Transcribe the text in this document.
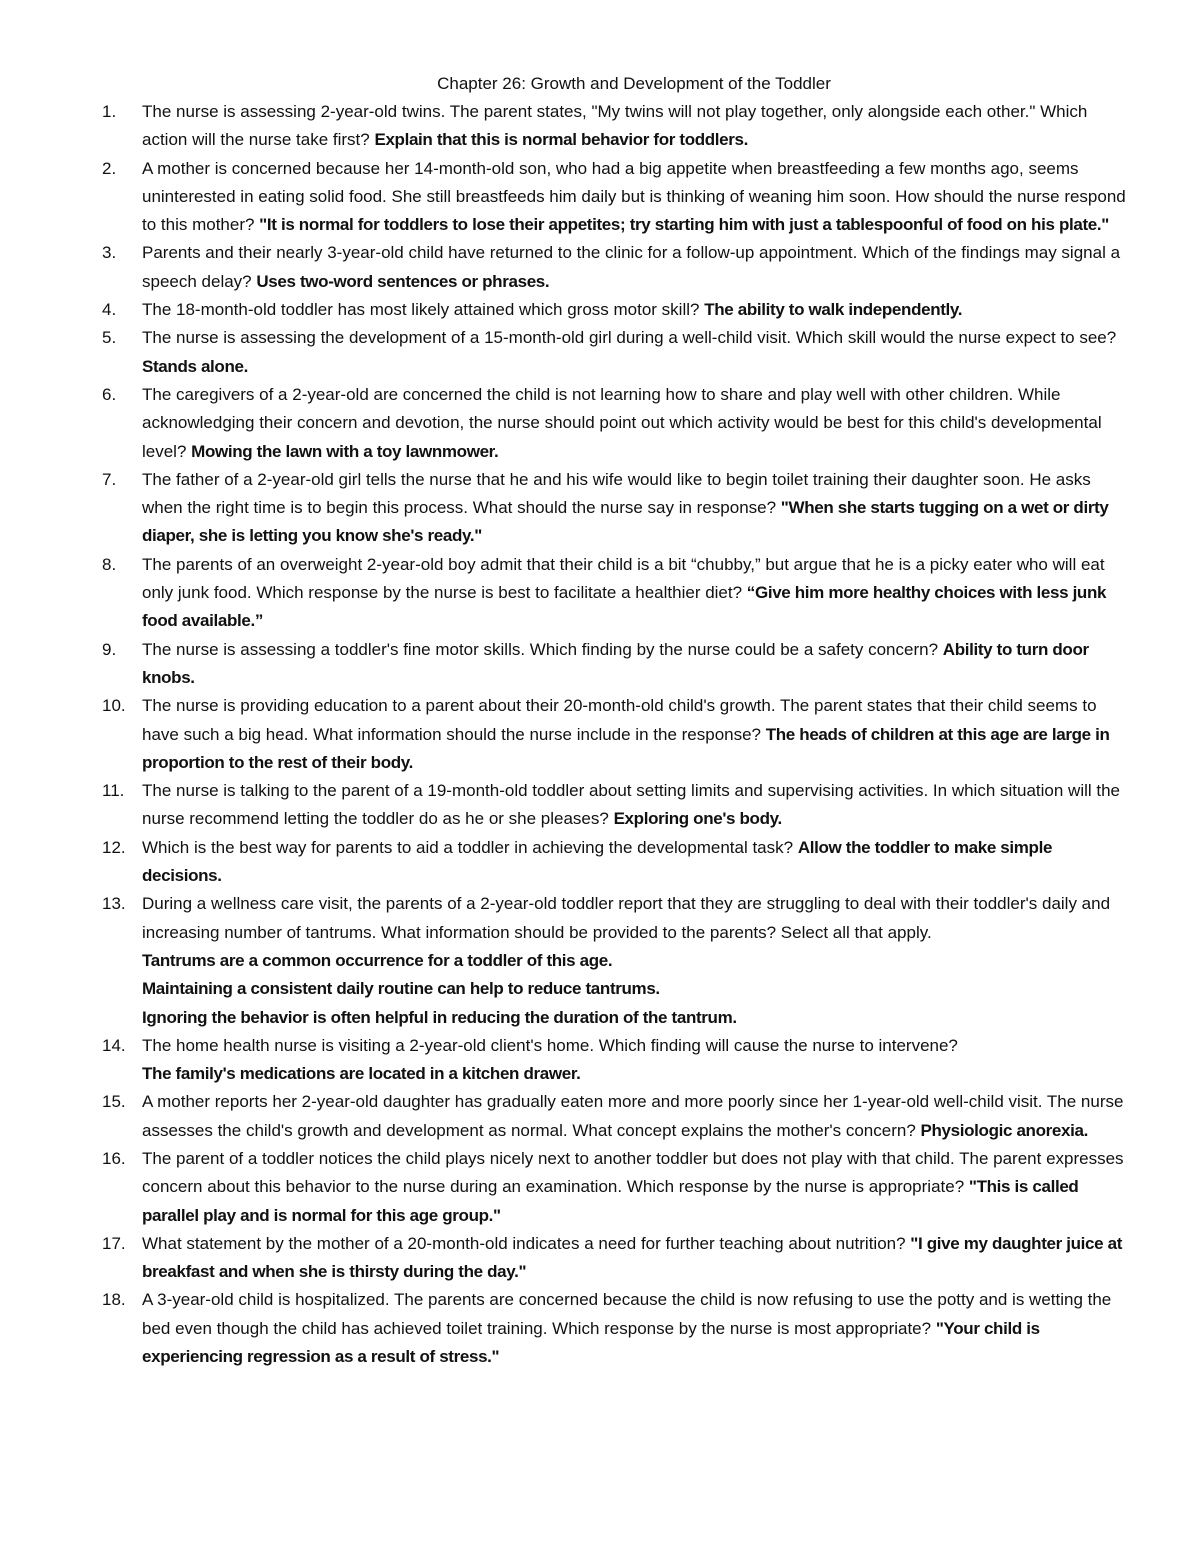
Chapter 26: Growth and Development of the Toddler
1.	The nurse is assessing 2-year-old twins. The parent states, "My twins will not play together, only alongside each other." Which action will the nurse take first? Explain that this is normal behavior for toddlers.
2.	A mother is concerned because her 14-month-old son, who had a big appetite when breastfeeding a few months ago, seems uninterested in eating solid food. She still breastfeeds him daily but is thinking of weaning him soon. How should the nurse respond to this mother? "It is normal for toddlers to lose their appetites; try starting him with just a tablespoonful of food on his plate."
3.	Parents and their nearly 3-year-old child have returned to the clinic for a follow-up appointment. Which of the findings may signal a speech delay? Uses two-word sentences or phrases.
4.	The 18-month-old toddler has most likely attained which gross motor skill? The ability to walk independently.
5.	The nurse is assessing the development of a 15-month-old girl during a well-child visit. Which skill would the nurse expect to see? Stands alone.
6.	The caregivers of a 2-year-old are concerned the child is not learning how to share and play well with other children. While acknowledging their concern and devotion, the nurse should point out which activity would be best for this child's developmental level? Mowing the lawn with a toy lawnmower.
7.	The father of a 2-year-old girl tells the nurse that he and his wife would like to begin toilet training their daughter soon. He asks when the right time is to begin this process. What should the nurse say in response? "When she starts tugging on a wet or dirty diaper, she is letting you know she's ready."
8.	The parents of an overweight 2-year-old boy admit that their child is a bit “chubby,” but argue that he is a picky eater who will eat only junk food. Which response by the nurse is best to facilitate a healthier diet? “Give him more healthy choices with less junk food available.”
9.	The nurse is assessing a toddler's fine motor skills. Which finding by the nurse could be a safety concern? Ability to turn door knobs.
10. The nurse is providing education to a parent about their 20-month-old child's growth. The parent states that their child seems to have such a big head. What information should the nurse include in the response? The heads of children at this age are large in proportion to the rest of their body.
11.	The nurse is talking to the parent of a 19-month-old toddler about setting limits and supervising activities. In which situation will the nurse recommend letting the toddler do as he or she pleases? Exploring one's body.
12. Which is the best way for parents to aid a toddler in achieving the developmental task? Allow the toddler to make simple decisions.
13. During a wellness care visit, the parents of a 2-year-old toddler report that they are struggling to deal with their toddler's daily and increasing number of tantrums. What information should be provided to the parents? Select all that apply.
Tantrums are a common occurrence for a toddler of this age.
Maintaining a consistent daily routine can help to reduce tantrums.
Ignoring the behavior is often helpful in reducing the duration of the tantrum.
14. The home health nurse is visiting a 2-year-old client's home. Which finding will cause the nurse to intervene?
The family's medications are located in a kitchen drawer.
15. A mother reports her 2-year-old daughter has gradually eaten more and more poorly since her 1-year-old well-child visit. The nurse assesses the child's growth and development as normal. What concept explains the mother's concern? Physiologic anorexia.
16. The parent of a toddler notices the child plays nicely next to another toddler but does not play with that child. The parent expresses concern about this behavior to the nurse during an examination. Which response by the nurse is appropriate? "This is called parallel play and is normal for this age group."
17. What statement by the mother of a 20-month-old indicates a need for further teaching about nutrition? "I give my daughter juice at breakfast and when she is thirsty during the day."
18. A 3-year-old child is hospitalized. The parents are concerned because the child is now refusing to use the potty and is wetting the bed even though the child has achieved toilet training. Which response by the nurse is most appropriate? "Your child is experiencing regression as a result of stress."
